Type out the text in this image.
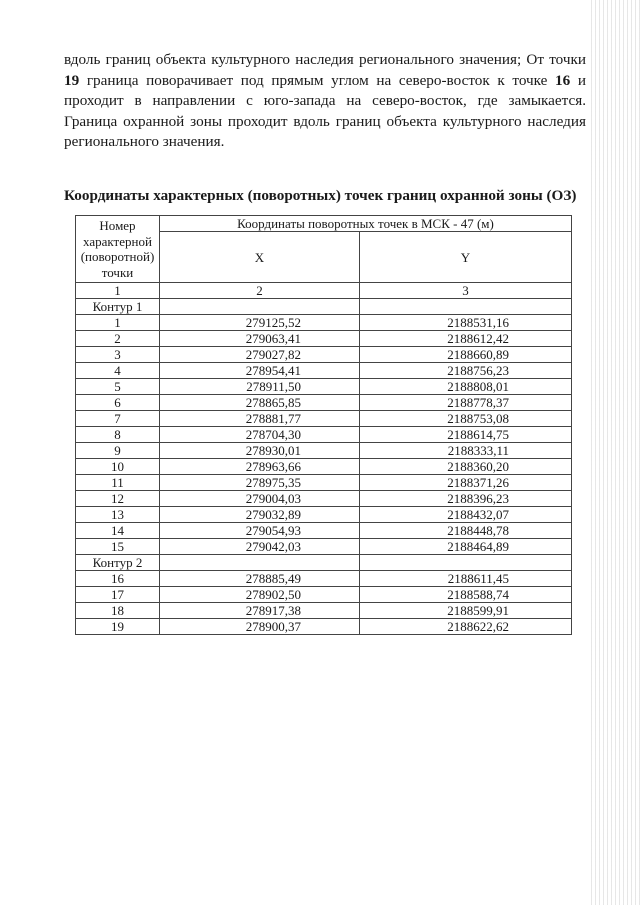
вдоль границ объекта культурного наследия регионального значения; От точки 19 граница поворачивает под прямым углом на северо-восток к точке 16 и проходит в направлении с юго-запада на северо-восток, где замыкается. Граница охранной зоны проходит вдоль границ объекта культурного наследия регионального значения.
Координаты характерных (поворотных) точек границ охранной зоны (ОЗ)
Номер характерной (поворотной) точки	Координаты поворотных точек в МСК - 47 (м)	
	X	Y
1	2	3
Контур 1		
1	279125,52	2188531,16
2	279063,41	2188612,42
3	279027,82	2188660,89
4	278954,41	2188756,23
5	278911,50	2188808,01
6	278865,85	2188778,37
7	278881,77	2188753,08
8	278704,30	2188614,75
9	278930,01	2188333,11
10	278963,66	2188360,20
11	278975,35	2188371,26
12	279004,03	2188396,23
13	279032,89	2188432,07
14	279054,93	2188448,78
15	279042,03	2188464,89
Контур 2		
16	278885,49	2188611,45
17	278902,50	2188588,74
18	278917,38	2188599,91
19	278900,37	2188622,62
